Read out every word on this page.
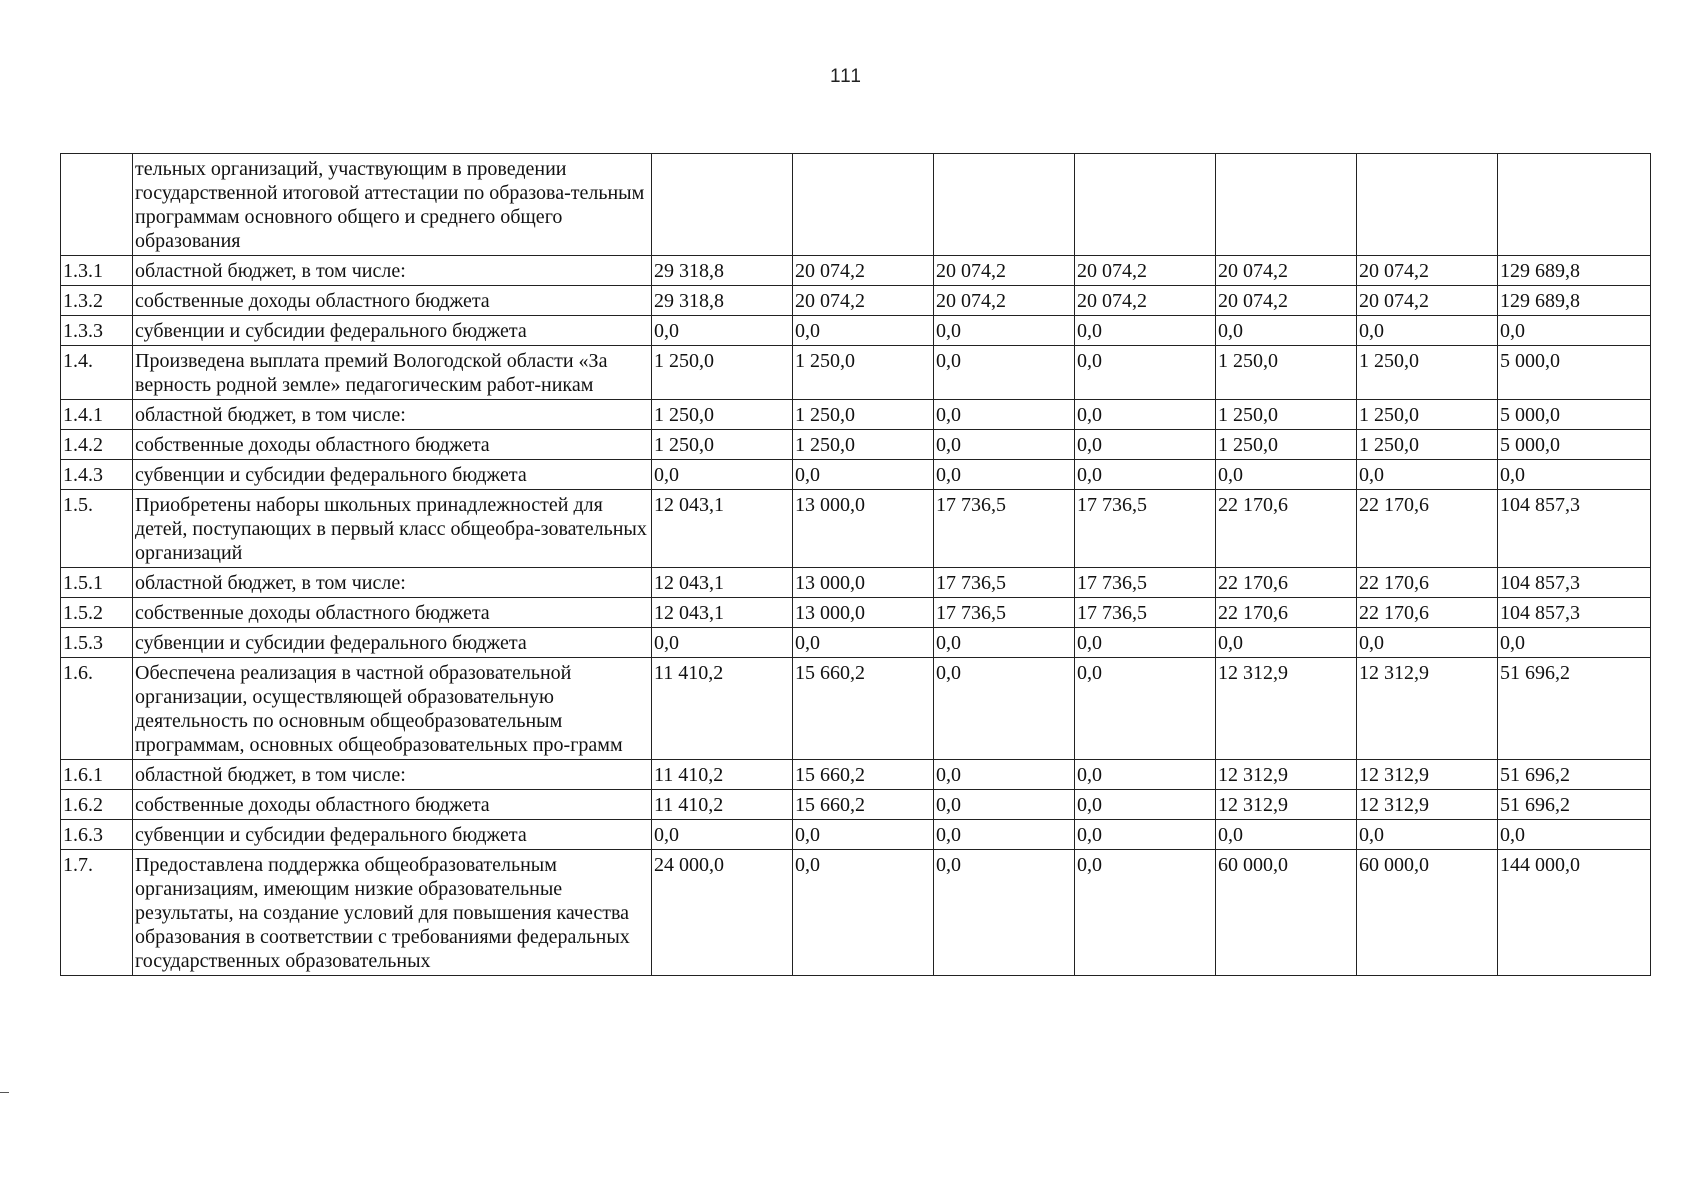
111
	тельных организаций, участвующим в проведении государственной итоговой аттестации по образова-тельным программам основного общего и среднего общего образования							
1.3.1	областной бюджет, в том числе:	29 318,8	20 074,2	20 074,2	20 074,2	20 074,2	20 074,2	129 689,8
1.3.2	собственные доходы областного бюджета	29 318,8	20 074,2	20 074,2	20 074,2	20 074,2	20 074,2	129 689,8
1.3.3	субвенции и субсидии федерального бюджета	0,0	0,0	0,0	0,0	0,0	0,0	0,0
1.4.	Произведена выплата премий Вологодской области «За верность родной земле» педагогическим работ-никам	1 250,0	1 250,0	0,0	0,0	1 250,0	1 250,0	5 000,0
1.4.1	областной бюджет, в том числе:	1 250,0	1 250,0	0,0	0,0	1 250,0	1 250,0	5 000,0
1.4.2	собственные доходы областного бюджета	1 250,0	1 250,0	0,0	0,0	1 250,0	1 250,0	5 000,0
1.4.3	субвенции и субсидии федерального бюджета	0,0	0,0	0,0	0,0	0,0	0,0	0,0
1.5.	Приобретены наборы школьных принадлежностей для детей, поступающих в первый класс общеобра-зовательных организаций	12 043,1	13 000,0	17 736,5	17 736,5	22 170,6	22 170,6	104 857,3
1.5.1	областной бюджет, в том числе:	12 043,1	13 000,0	17 736,5	17 736,5	22 170,6	22 170,6	104 857,3
1.5.2	собственные доходы областного бюджета	12 043,1	13 000,0	17 736,5	17 736,5	22 170,6	22 170,6	104 857,3
1.5.3	субвенции и субсидии федерального бюджета	0,0	0,0	0,0	0,0	0,0	0,0	0,0
1.6.	Обеспечена реализация в частной образовательной организации, осуществляющей образовательную деятельность по основным общеобразовательным программам, основных общеобразовательных про-грамм	11 410,2	15 660,2	0,0	0,0	12 312,9	12 312,9	51 696,2
1.6.1	областной бюджет, в том числе:	11 410,2	15 660,2	0,0	0,0	12 312,9	12 312,9	51 696,2
1.6.2	собственные доходы областного бюджета	11 410,2	15 660,2	0,0	0,0	12 312,9	12 312,9	51 696,2
1.6.3	субвенции и субсидии федерального бюджета	0,0	0,0	0,0	0,0	0,0	0,0	0,0
1.7.	Предоставлена поддержка общеобразовательным организациям, имеющим низкие образовательные результаты, на создание условий для повышения качества образования в соответствии с требованиями федеральных государственных образовательных	24 000,0	0,0	0,0	0,0	60 000,0	60 000,0	144 000,0
